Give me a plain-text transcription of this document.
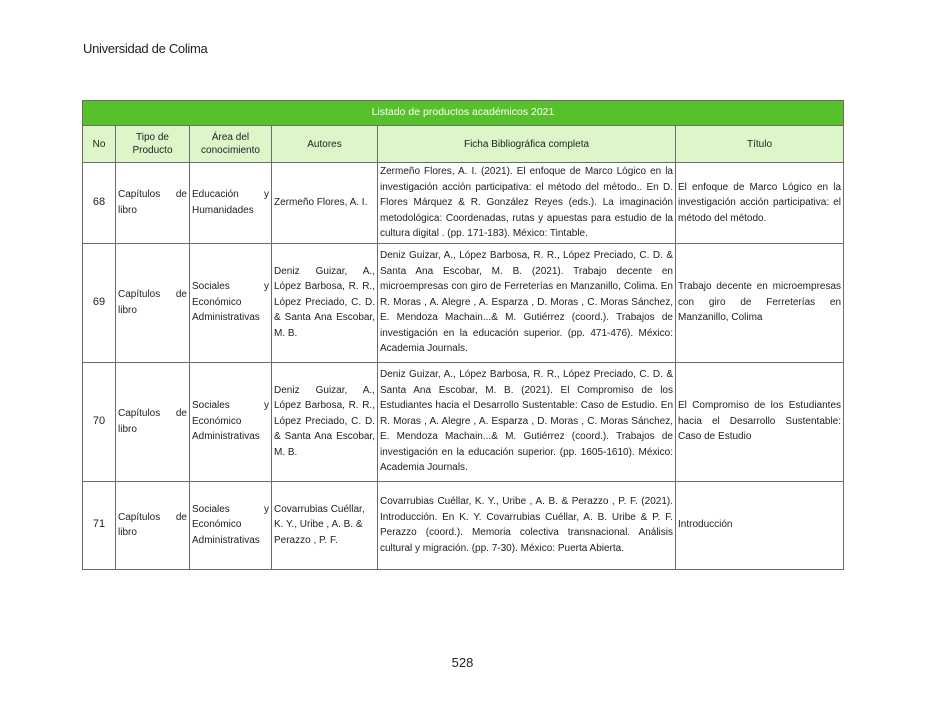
Universidad de Colima
Listado de productos académicos 2021					
No	Tipo de Producto	Área del conocimiento	Autores	Ficha Bibliográfica completa	Título
68	Capítulos de libro	Educación y Humanidades	Zermeño Flores, A. I.	Zermeño Flores, A. I. (2021). El enfoque de Marco Lógico en la investigación acción participativa: el método del método.. En D. Flores Márquez & R. González Reyes (eds.). La imaginación metodológica: Coordenadas, rutas y apuestas para estudio de la cultura digital . (pp. 171-183). México: Tintable.	El enfoque de Marco Lógico en la investigación acción participativa: el método del método.
69	Capítulos de libro	Sociales y Económico Administrativas	Deniz Guizar, A., López Barbosa, R. R., López Preciado, C. D. & Santa Ana Escobar, M. B.	Deniz Guizar, A., López Barbosa, R. R., López Preciado, C. D. & Santa Ana Escobar, M. B. (2021). Trabajo decente en microempresas con giro de Ferreterías en Manzanillo, Colima. En R. Moras , A. Alegre , A. Esparza , D. Moras , C. Moras Sánchez, E. Mendoza Machain...& M. Gutiérrez (coord.). Trabajos de investigación en la educación superior. (pp. 471-476). México: Academia Journals.	Trabajo decente en microempresas con giro de Ferreterías en Manzanillo, Colima
70	Capítulos de libro	Sociales y Económico Administrativas	Deniz Guizar, A., López Barbosa, R. R., López Preciado, C. D. & Santa Ana Escobar, M. B.	Deniz Guizar, A., López Barbosa, R. R., López Preciado, C. D. & Santa Ana Escobar, M. B. (2021). El Compromiso de los Estudiantes hacia el Desarrollo Sustentable: Caso de Estudio. En R. Moras , A. Alegre , A. Esparza , D. Moras , C. Moras Sánchez, E. Mendoza Machain...& M. Gutiérrez (coord.). Trabajos de investigación en la educación superior. (pp. 1605-1610). México: Academia Journals.	El Compromiso de los Estudiantes hacia el Desarrollo Sustentable: Caso de Estudio
71	Capítulos de libro	Sociales y Económico Administrativas	Covarrubias Cuéllar, K. Y., Uribe , A. B. & Perazzo , P. F.	Covarrubias Cuéllar, K. Y., Uribe , A. B. & Perazzo , P. F. (2021). Introducción. En K. Y. Covarrubias Cuéllar, A. B. Uribe & P. F. Perazzo (coord.). Memoria colectiva transnacional. Análisis cultural y migración. (pp. 7-30). México: Puerta Abierta.	Introducción
528
